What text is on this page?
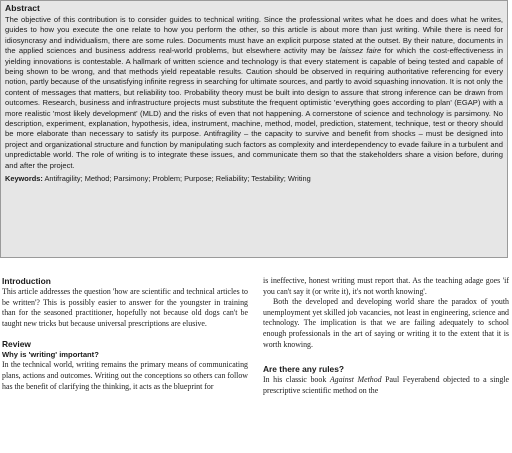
Abstract

The objective of this contribution is to consider guides to technical writing. Since the professional writes what he does and does what he writes, guides to how you execute the one relate to how you perform the other, so this article is about more than just writing. While there is need for idiosyncrasy and individualism, there are some rules. Documents must have an explicit purpose stated at the outset. By their nature, documents in the applied sciences and business address real-world problems, but elsewhere activity may be laissez faire for which the cost-effectiveness in yielding innovations is contestable. A hallmark of written science and technology is that every statement is capable of being tested and capable of being shown to be wrong, and that methods yield repeatable results. Caution should be observed in requiring authoritative referencing for every notion, partly because of the unsatisfying infinite regress in searching for ultimate sources, and partly to avoid squashing innovation. It is not only the content of messages that matters, but reliability too. Probability theory must be built into design to assure that strong inference can be drawn from outcomes. Research, business and infrastructure projects must substitute the frequent optimistic 'everything goes according to plan' (EGAP) with a more realistic 'most likely development' (MLD) and the risks of even that not happening. A cornerstone of science and technology is parsimony. No description, experiment, explanation, hypothesis, idea, instrument, machine, method, model, prediction, statement, technique, test or theory should be more elaborate than necessary to satisfy its purpose. Antifragility – the capacity to survive and benefit from shocks – must be designed into project and organizational structure and function by manipulating such factors as complexity and interdependency to evade failure in a turbulent and unpredictable world. The role of writing is to integrate these issues, and communicate them so that the stakeholders share a vision before, during and after the project.

Keywords: Antifragility; Method; Parsimony; Problem; Purpose; Reliability; Testability; Writing
Introduction

This article addresses the question 'how are scientific and technical articles to be written'? This is possibly easier to answer for the youngster in training than for the seasoned practitioner, hopefully not because old dogs can't be taught new tricks but because universal prescriptions are elusive.

Review
Why is 'writing' important?

In the technical world, writing remains the primary means of communicating plans, actions and outcomes. Writing out the conceptions so others can follow has the benefit of clarifying the thinking, it acts as the blueprint for

is ineffective, honest writing must report that. As the teaching adage goes 'if you can't say it (or write it), it's not worth knowing'.

Both the developed and developing world share the paradox of youth unemployment yet skilled job vacancies, not least in engineering, science and technology. The implication is that we are failing adequately to school enough professionals in the art of saying or writing it to the extent that it is worth knowing.

Are there any rules?

In his classic book Against Method Paul Feyerabend objected to a single prescriptive scientific method on the
